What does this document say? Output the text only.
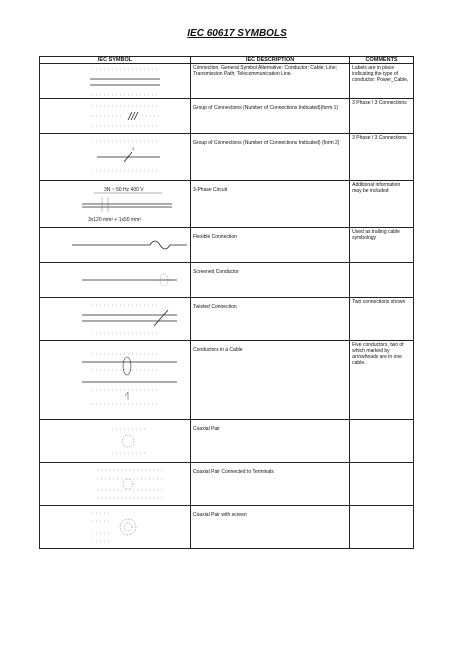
IEC 60617 SYMBOLS
IEC SYMBOL	IEC DESCRIPTION	COMMENTS

	Connection, General Symbol Alternative: Conductor; Cable; Line; Transmission Path; Telecommunication Line.	Labels are in place indicating the type of conductor: Power_Cable,

	Group of Connections (Number of Connections Indicated)(form 1)	3 Phase / 3 Connections

3	Group of Connections (Number of Connections Indicated) (form 2)	3 Phase / 3 Connections

3N ~ 50 Hz 400 V
3x120 mm² + 1x50 mm²	3-Phase Circuit	Additional information may be included

	Flexible Connection	Used as trailing cable symbology

	Screened Conductor	

	Twisted Connection	Two connections shown

	Conductors in a Cable	Five conductors, two of which marked by arrowheads are in one cable.

	Coaxial Pair	

	Coaxial Pair Connected to Terminals	

	Coaxial Pair with screen	
